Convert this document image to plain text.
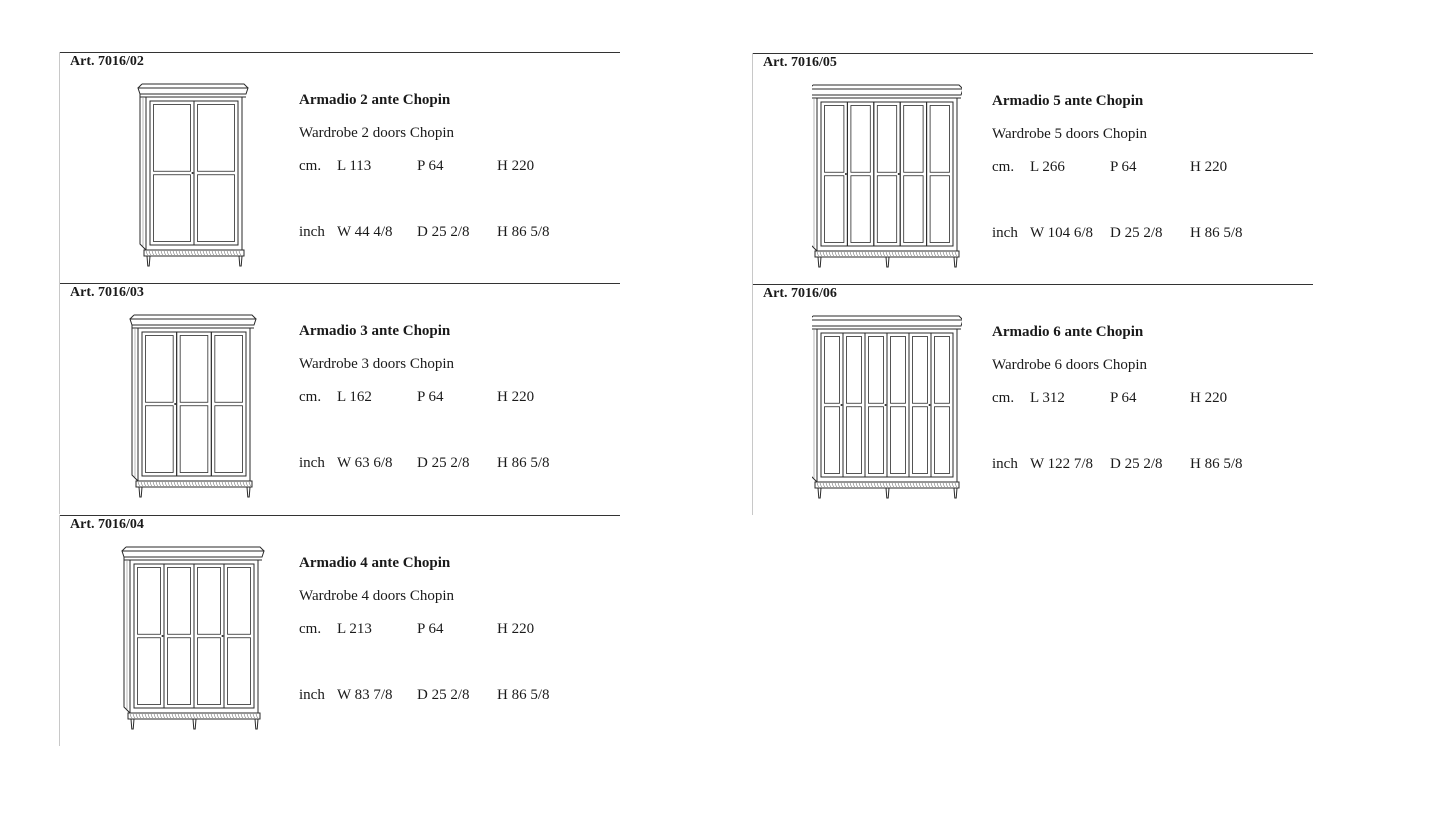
Art. 7016/02
Armadio 2 ante Chopin
Wardrobe 2 doors Chopin
cm. L 113	P 64	H 220
inch W 44 4/8 D 25 2/8 H 86 5/8
Art. 7016/03
Armadio 3 ante Chopin
Wardrobe 3 doors Chopin
cm. L 162	P 64	H 220
inch W 63 6/8 D 25 2/8 H 86 5/8
Art. 7016/04
Armadio 4 ante Chopin
Wardrobe 4 doors Chopin
cm. L 213	P 64	H 220
inch W 83 7/8 D 25 2/8 H 86 5/8
Art. 7016/05
Armadio 5 ante Chopin
Wardrobe 5 doors Chopin
cm. L 266	P 64	H 220
inch W 104 6/8 D 25 2/8 H 86 5/8
Art. 7016/06
Armadio 6 ante Chopin
Wardrobe 6 doors Chopin
cm. L 312	P 64	H 220
inch W 122 7/8 D 25 2/8 H 86 5/8
